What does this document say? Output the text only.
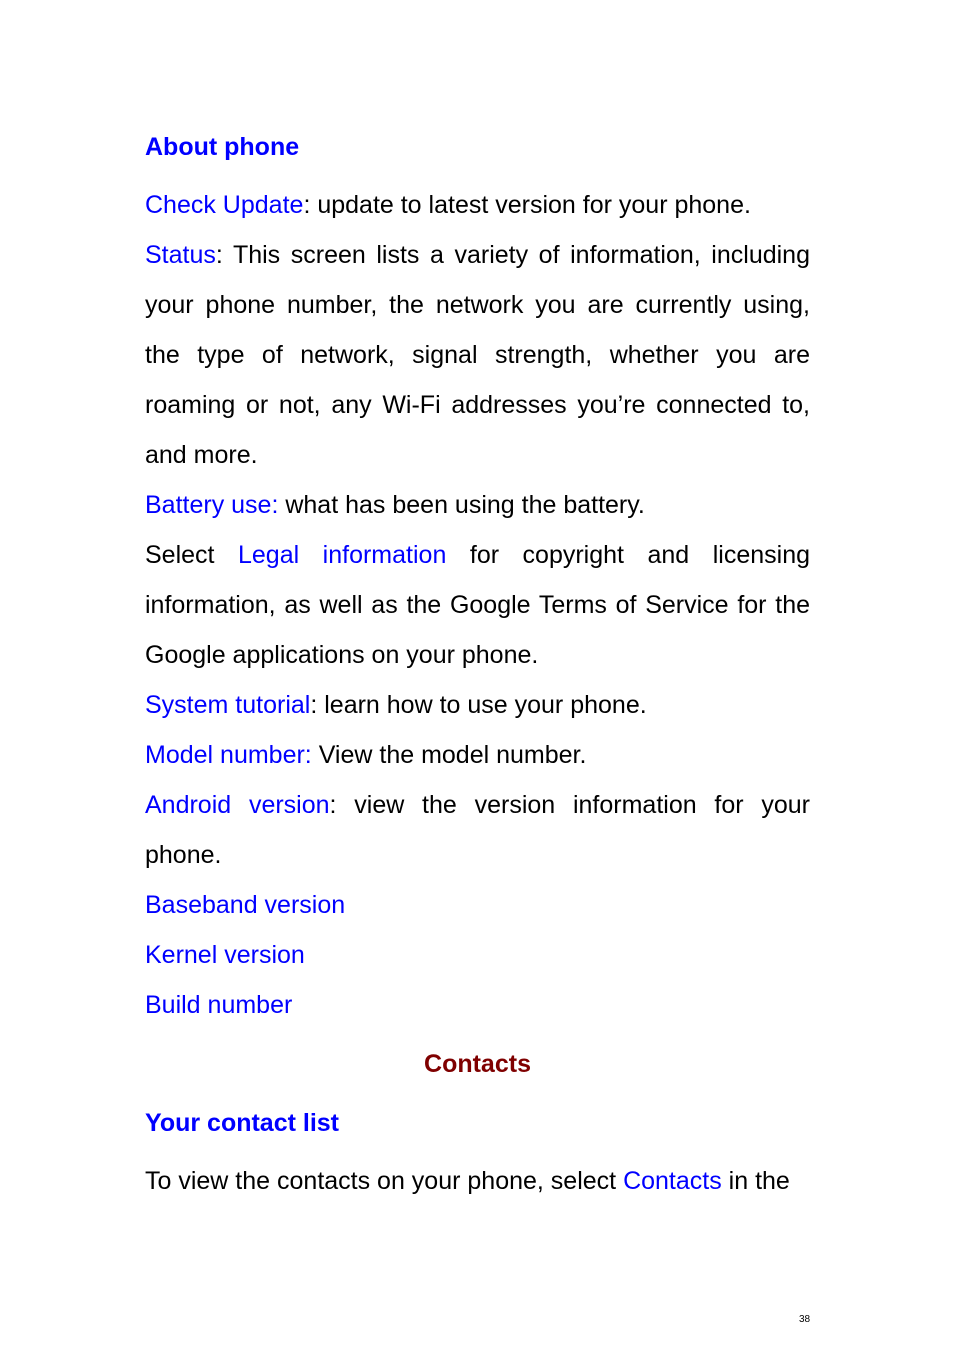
About phone
Check Update: update to latest version for your phone.
Status: This screen lists a variety of information, including your phone number, the network you are currently using, the type of network, signal strength, whether you are roaming or not, any Wi-Fi addresses you’re connected to, and more.
Battery use: what has been using the battery.
Select Legal information for copyright and licensing information, as well as the Google Terms of Service for the Google applications on your phone.
System tutorial: learn how to use your phone.
Model number: View the model number.
Android version: view the version information for your phone.
Baseband version
Kernel version
Build number
Contacts
Your contact list
To view the contacts on your phone, select Contacts in the
38
